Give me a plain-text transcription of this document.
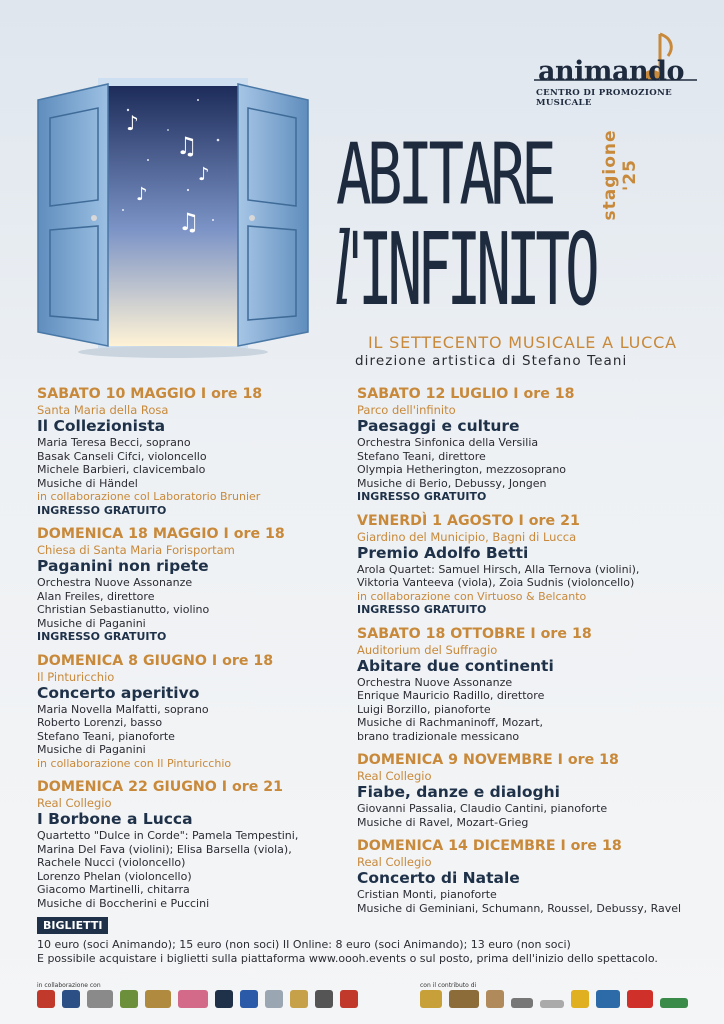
♪
♫
♪
♪
♫
animando
CENTRO DI PROMOZIONE MUSICALE
ABITARE
l'INFINITO
stagione '25
IL SETTECENTO MUSICALE A LUCCA
direzione artistica di Stefano Teani
SABATO 10 MAGGIO I ore 18
Santa Maria della Rosa
Il Collezionista
Maria Teresa Becci, soprano
Basak Canseli Cifci, violoncello
Michele Barbieri, clavicembalo
Musiche di Händel
in collaborazione col Laboratorio Brunier
INGRESSO GRATUITO
DOMENICA 18 MAGGIO I ore 18
Chiesa di Santa Maria Forisportam
Paganini non ripete
Orchestra Nuove Assonanze
Alan Freiles, direttore
Christian Sebastianutto, violino
Musiche di Paganini
INGRESSO GRATUITO
DOMENICA 8 GIUGNO I ore 18
Il Pinturicchio
Concerto aperitivo
Maria Novella Malfatti, soprano
Roberto Lorenzi, basso
Stefano Teani, pianoforte
Musiche di Paganini
in collaborazione con Il Pinturicchio
DOMENICA 22 GIUGNO I ore 21
Real Collegio
I Borbone a Lucca
Quartetto "Dulce in Corde": Pamela Tempestini,
Marina Del Fava (violini); Elisa Barsella (viola),
Rachele Nucci (violoncello)
Lorenzo Phelan (violoncello)
Giacomo Martinelli, chitarra
Musiche di Boccherini e Puccini
SABATO 12 LUGLIO I ore 18
Parco dell'infinito
Paesaggi e culture
Orchestra Sinfonica della Versilia
Stefano Teani, direttore
Olympia Hetherington, mezzosoprano
Musiche di Berio, Debussy, Jongen
INGRESSO GRATUITO
VENERDÌ 1 AGOSTO I ore 21
Giardino del Municipio, Bagni di Lucca
Premio Adolfo Betti
Arola Quartet: Samuel Hirsch, Alla Ternova (violini),
Viktoria Vanteeva (viola), Zoia Sudnis (violoncello)
in collaborazione con Virtuoso & Belcanto
INGRESSO GRATUITO
SABATO 18 OTTOBRE I ore 18
Auditorium del Suffragio
Abitare due continenti
Orchestra Nuove Assonanze
Enrique Mauricio Radillo, direttore
Luigi Borzillo, pianoforte
Musiche di Rachmaninoff, Mozart,
brano tradizionale messicano
DOMENICA 9 NOVEMBRE I ore 18
Real Collegio
Fiabe, danze e dialoghi
Giovanni Passalia, Claudio Cantini, pianoforte
Musiche di Ravel, Mozart-Grieg
DOMENICA 14 DICEMBRE I ore 18
Real Collegio
Concerto di Natale
Cristian Monti, pianoforte
Musiche di Geminiani, Schumann, Roussel, Debussy, Ravel
BIGLIETTI
10 euro (soci Animando); 15 euro (non soci) II Online: 8 euro (soci Animando); 13 euro (non soci)
E possibile acquistare i biglietti sulla piattaforma www.oooh.events o sul posto, prima dell'inizio dello spettacolo.
in collaborazione con	con il contributo di
